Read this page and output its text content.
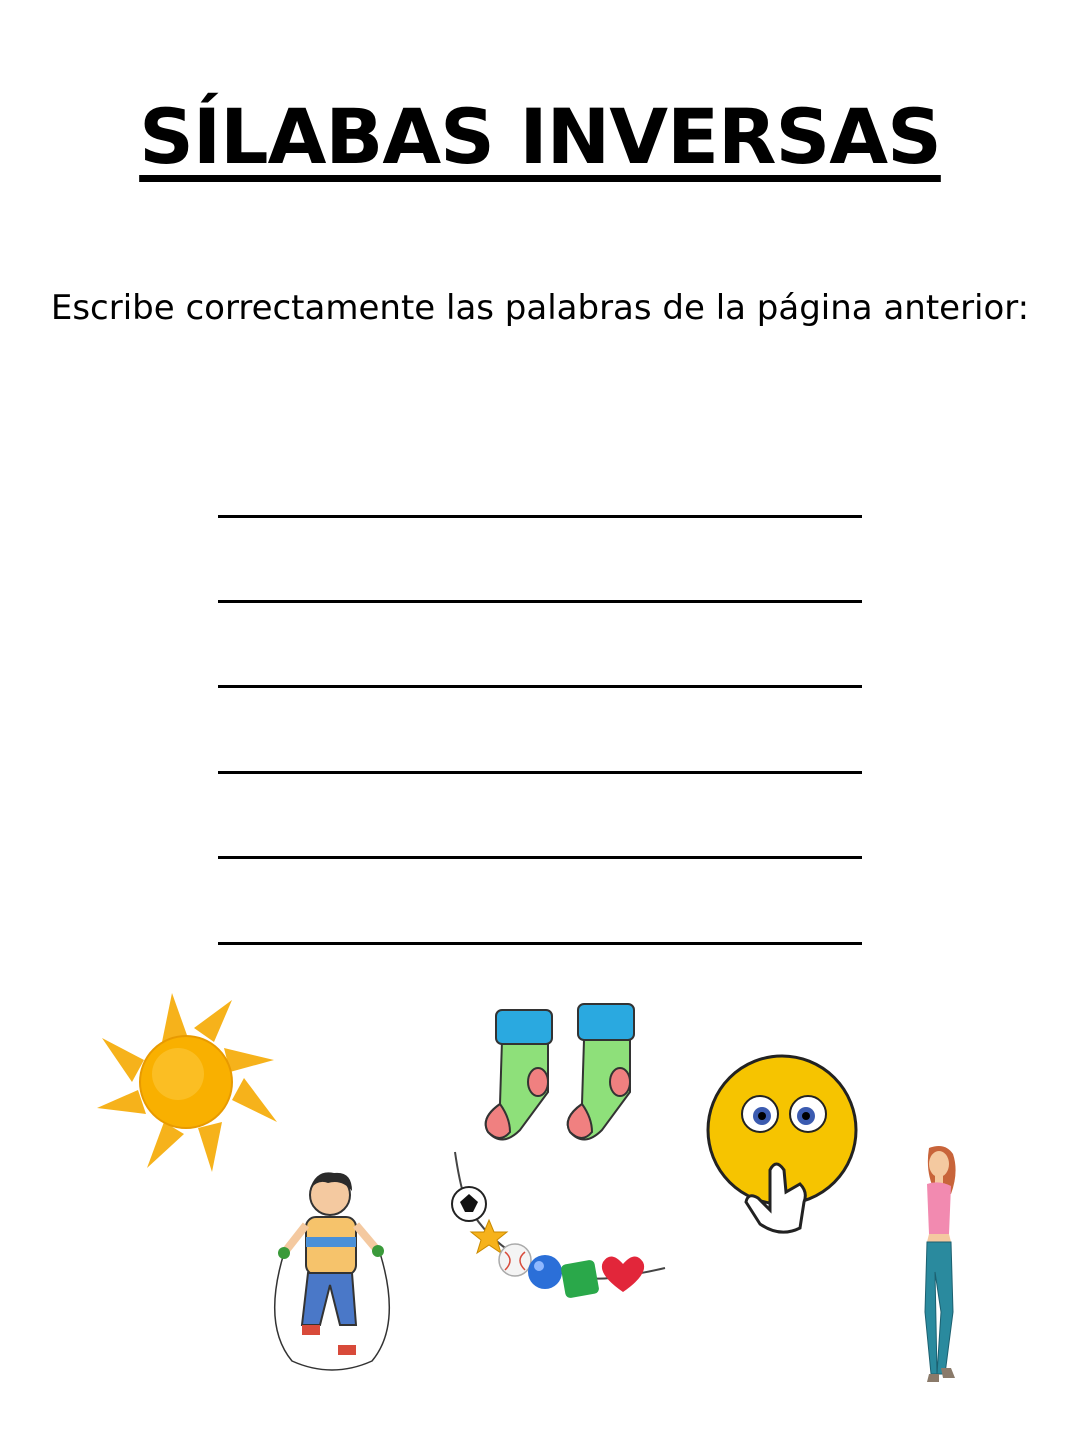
SÍLABAS INVERSAS
Escribe correctamente las palabras de la página anterior:
